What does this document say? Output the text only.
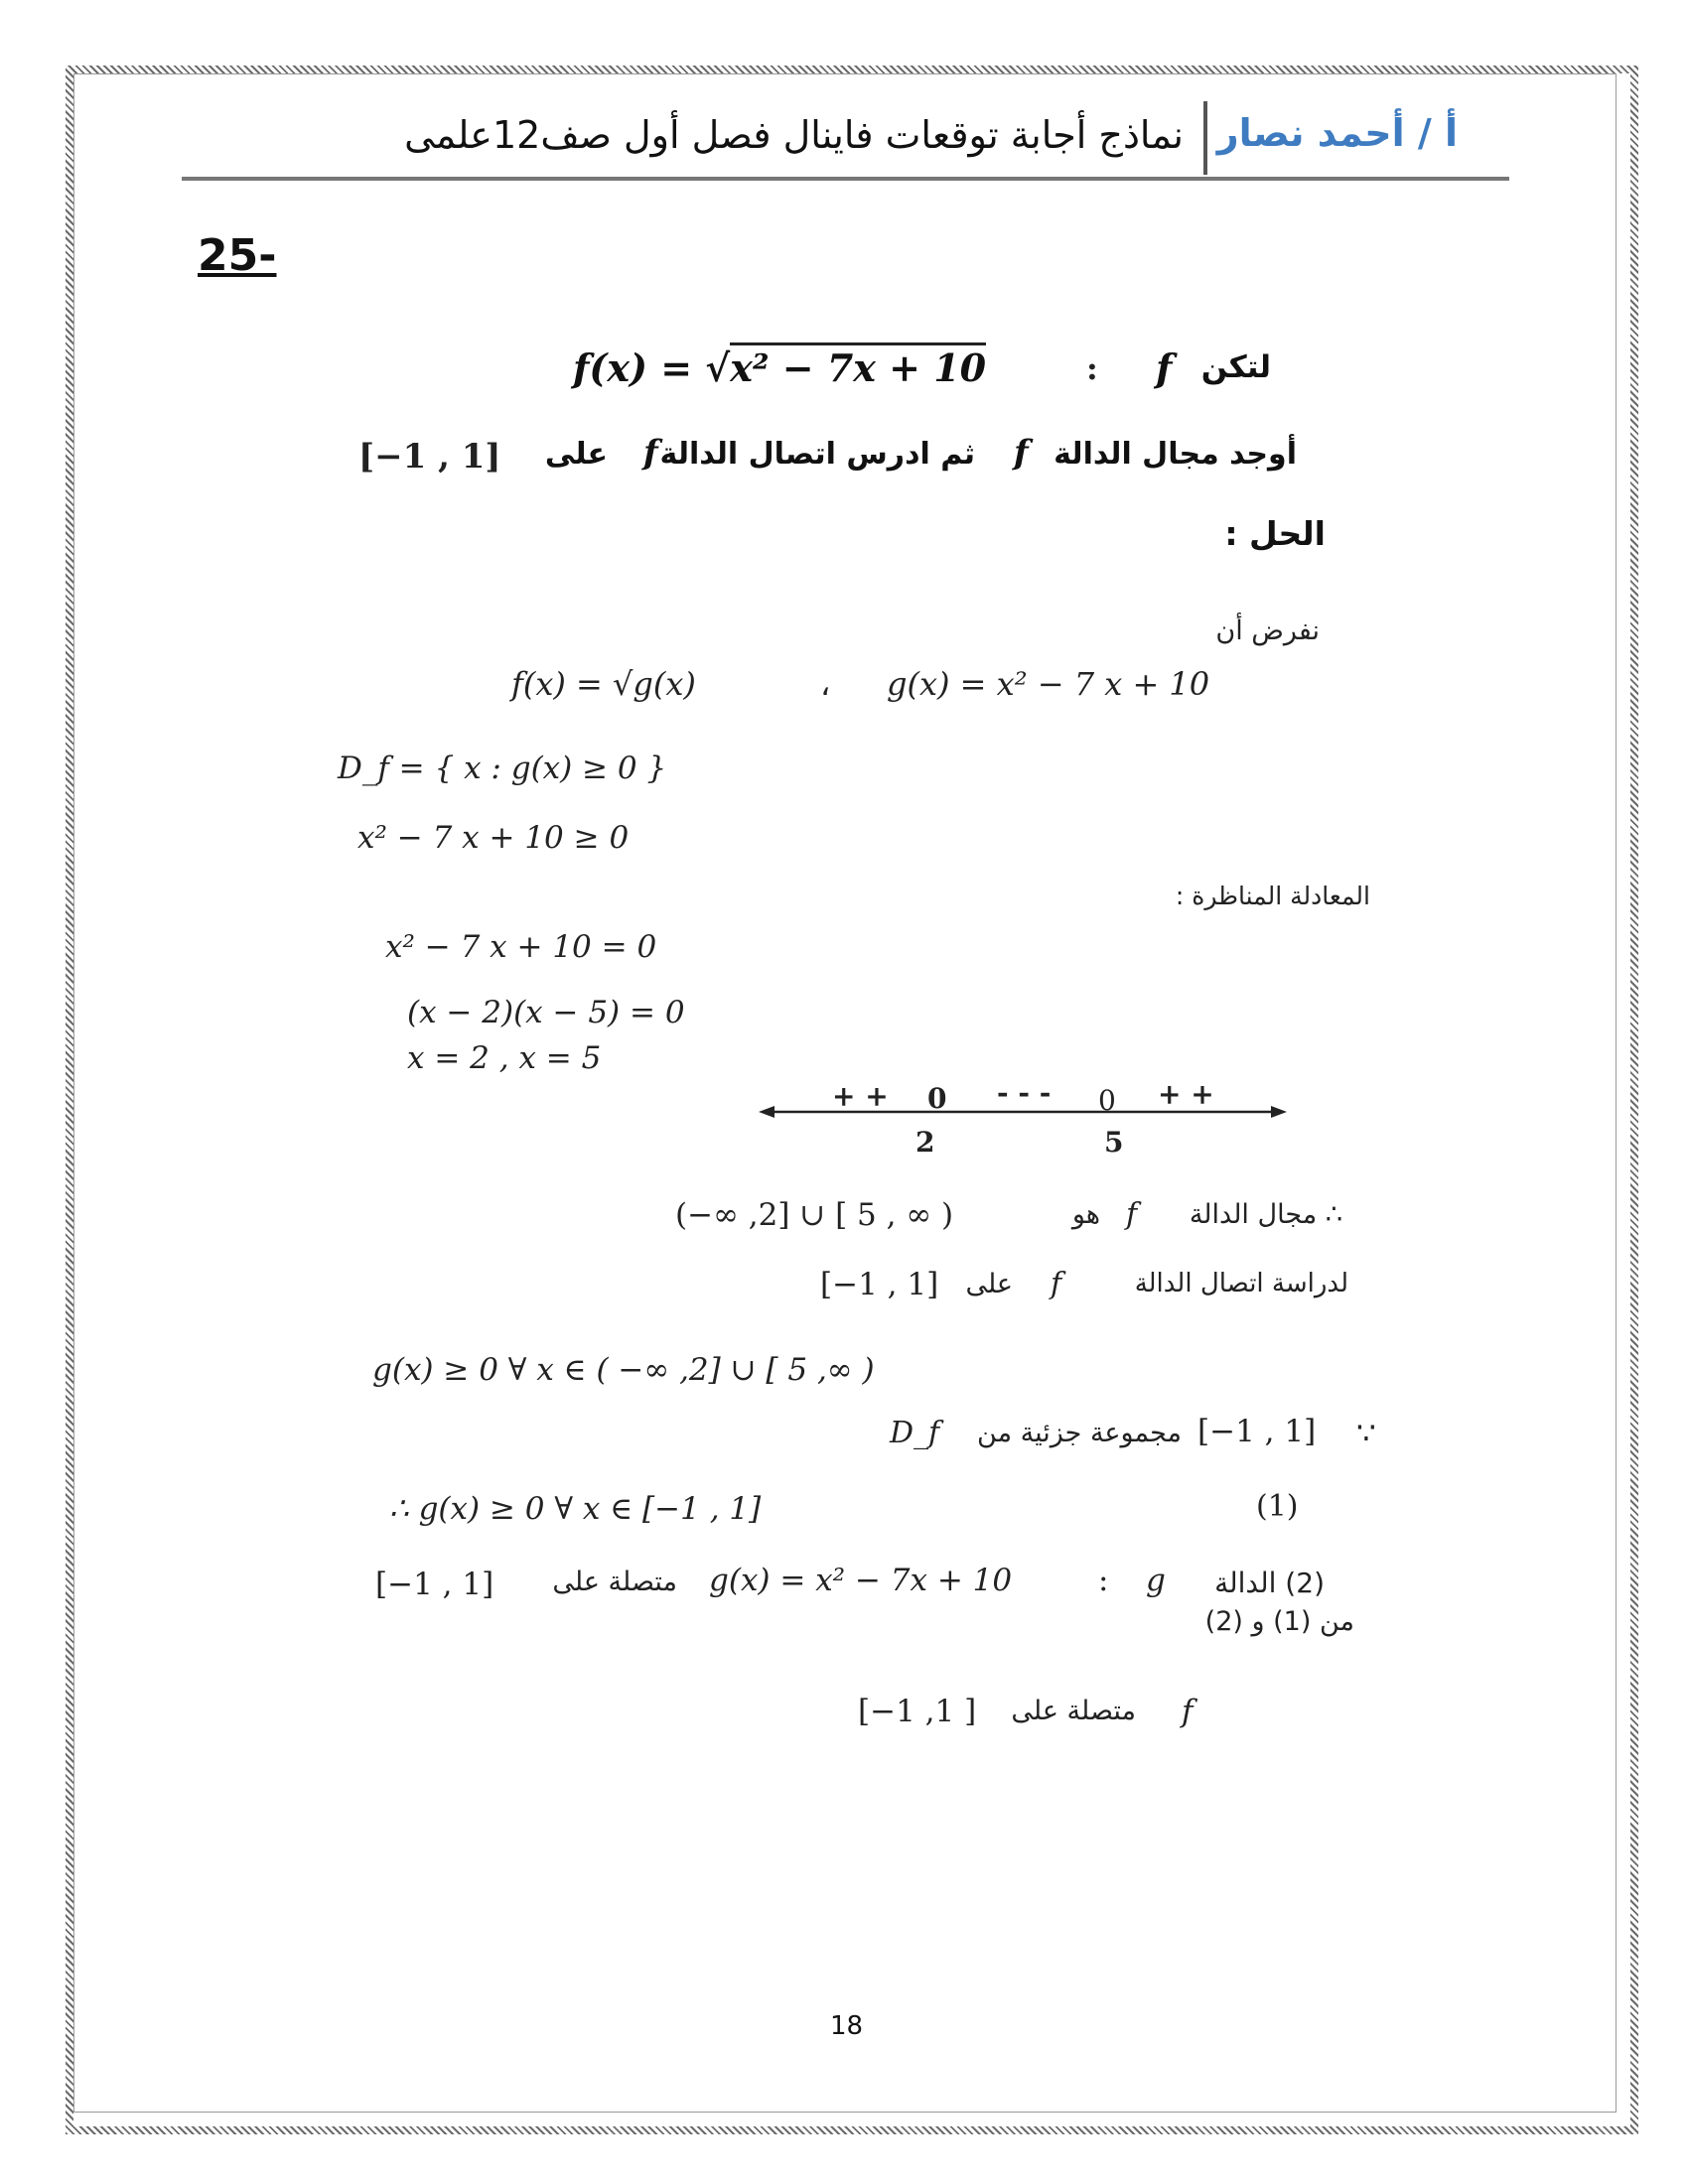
أ / أحمد نصار
نماذج أجابة توقعات فاينال فصل أول صف12علمى
25-
لتكن
f
:
f(x) = √x² − 7x + 10
أوجد مجال الدالة
f
ثم ادرس اتصال الدالة
f
على
[−1 , 1]
الحل :
نفرض أن
f(x) = √g(x)	، g(x) = x² − 7 x + 10
D_f = { x : g(x) ≥ 0 }
x² − 7 x + 10 ≥ 0
المعادلة المناظرة :
x² − 7 x + 10 = 0
(x − 2)(x − 5) = 0
x = 2 , x = 5
+ + 0 - - - 0 + +
2	5
∴ مجال الدالة
f
هو
(−∞ ,2] ∪ [ 5 , ∞ )
لدراسة اتصال الدالة
f
على
[−1 , 1]
g(x) ≥ 0 ∀ x ∈ ( −∞ ,2] ∪ [ 5 ,∞ )
∵
[−1 , 1]
مجموعة جزئية من
D_f
∴ g(x) ≥ 0 ∀ x ∈ [−1 , 1]	(1)
(2) الدالة
g
:
g(x) = x² − 7x + 10
متصلة على
[−1 , 1]
من (1) و (2)
f
متصلة على
[−1 ,1 ]
18
